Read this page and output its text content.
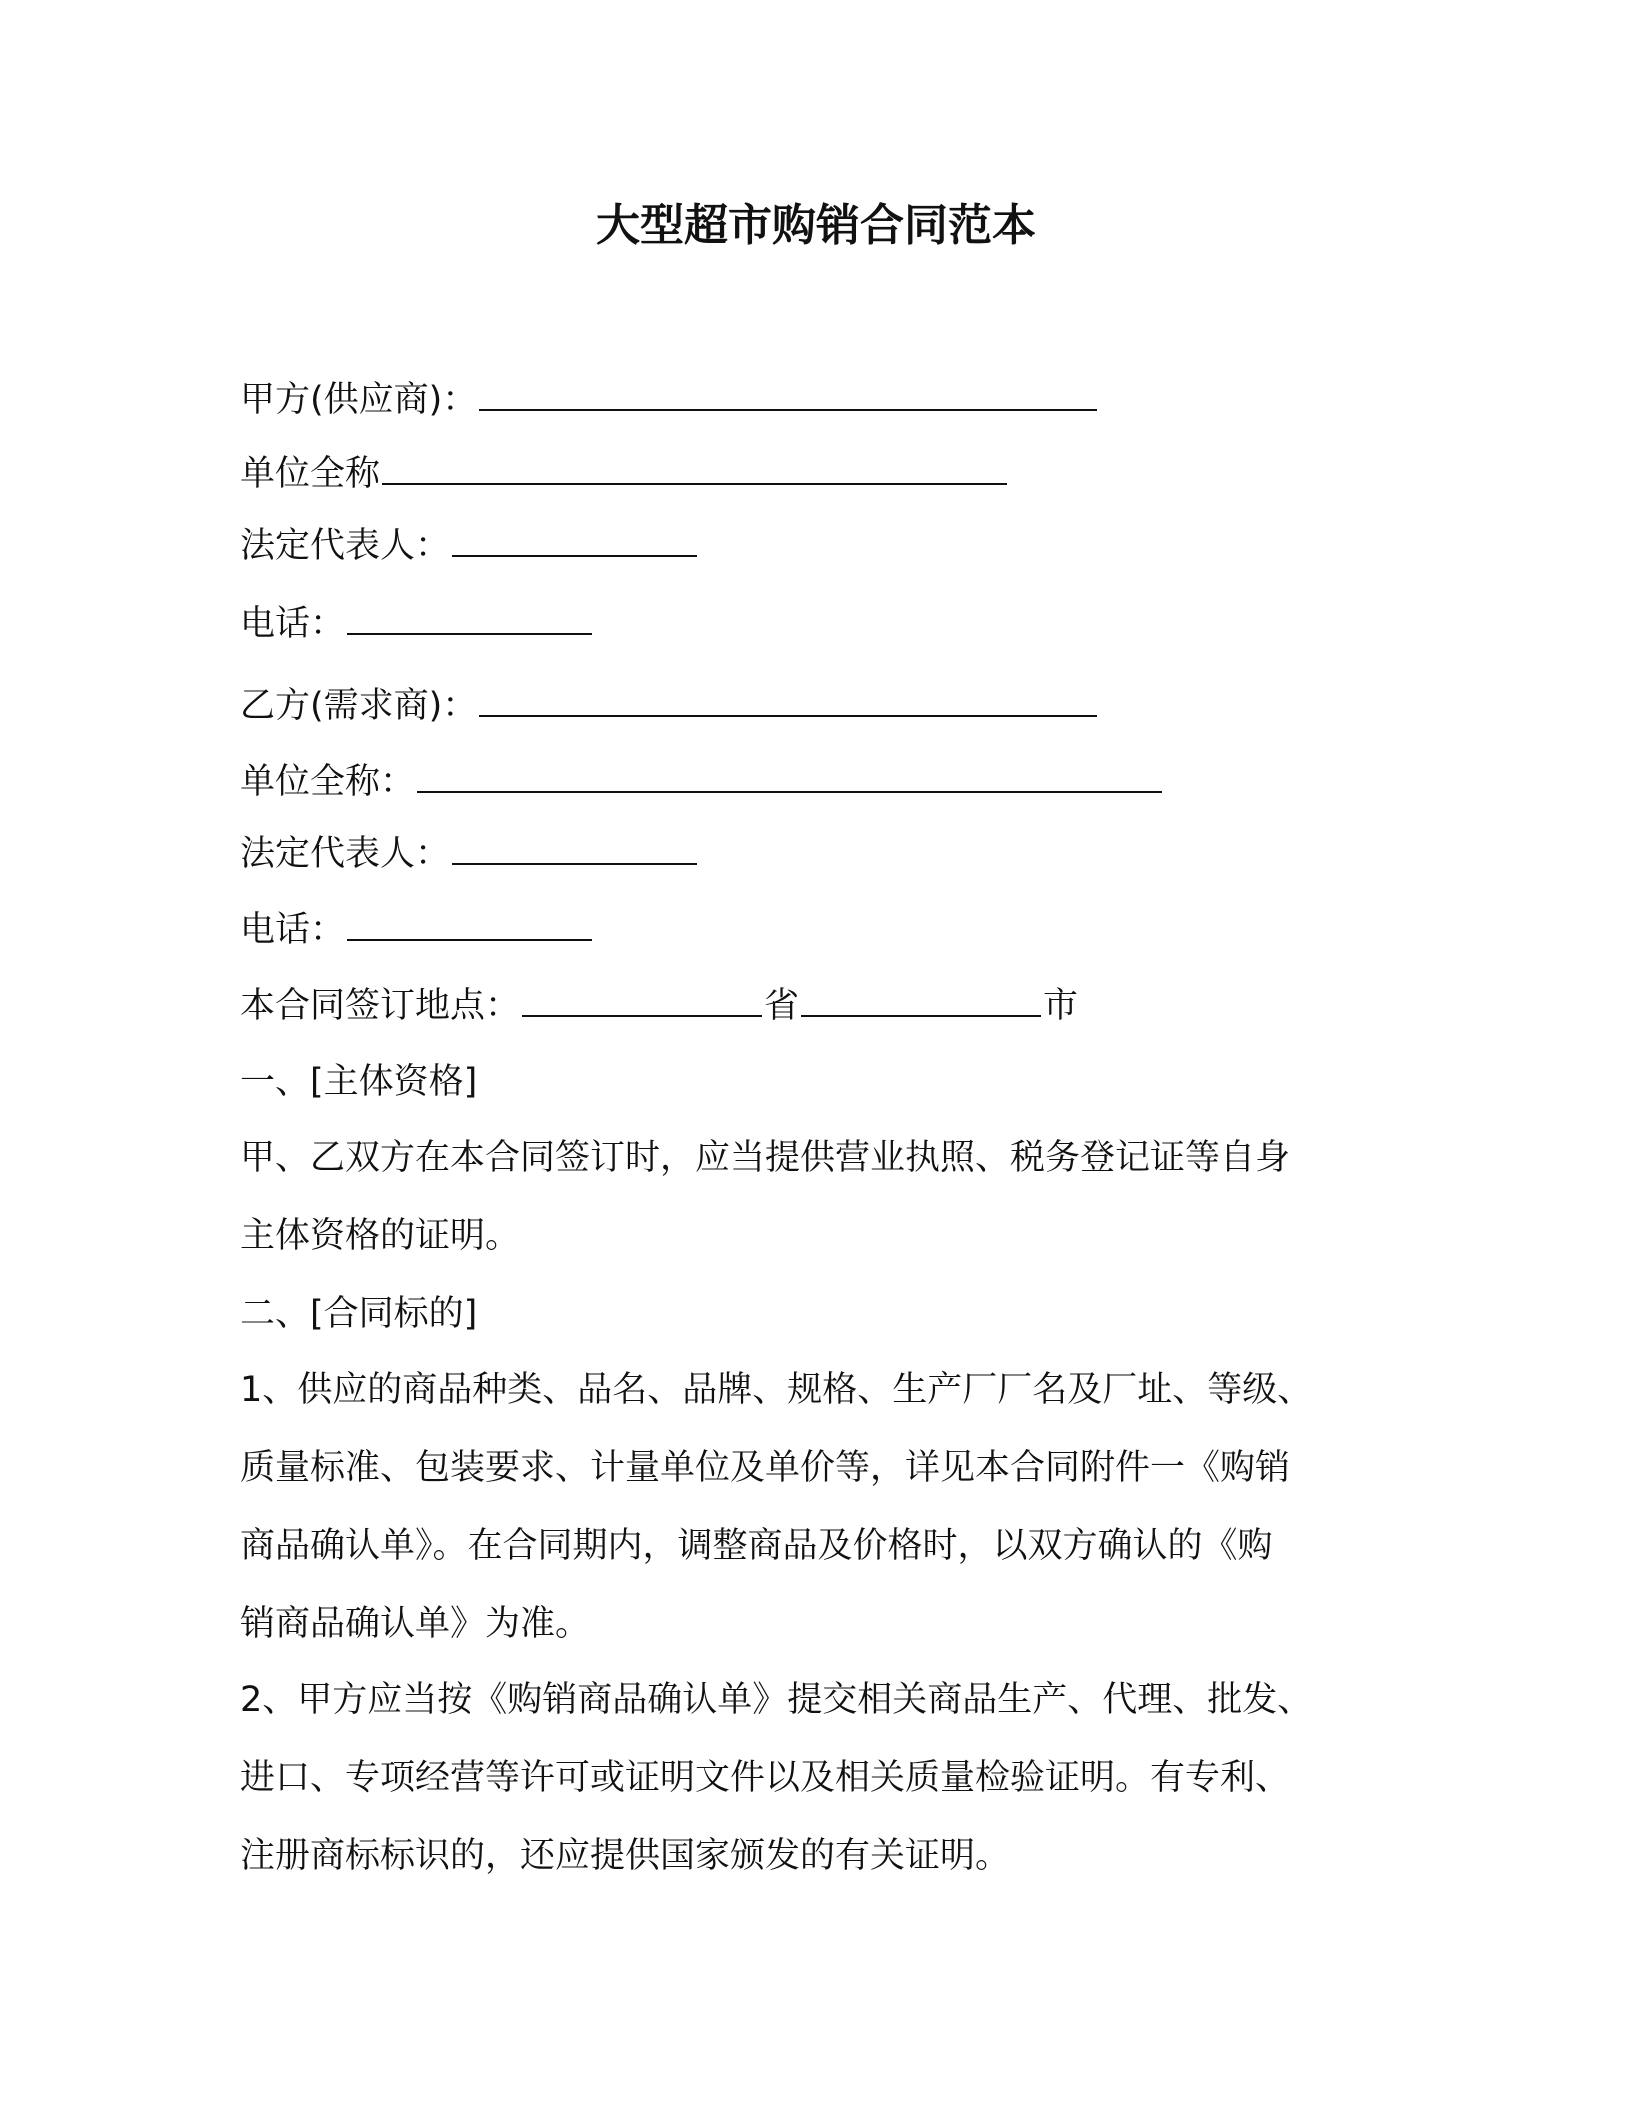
大型超市购销合同范本
甲方(供应商)：
单位全称
法定代表人：
电话：
乙方(需求商)：
单位全称：
法定代表人：
电话：
本合同签订地点：	省	市
一、[主体资格]
甲、乙双方在本合同签订时，应当提供营业执照、税务登记证等自身
主体资格的证明。
二、[合同标的]
1、供应的商品种类、品名、品牌、规格、生产厂厂名及厂址、等级、
质量标准、包装要求、计量单位及单价等，详见本合同附件一《购销
商品确认单》。在合同期内，调整商品及价格时，以双方确认的《购
销商品确认单》为准。
2、甲方应当按《购销商品确认单》提交相关商品生产、代理、批发、
进口、专项经营等许可或证明文件以及相关质量检验证明。有专利、
注册商标标识的，还应提供国家颁发的有关证明。
